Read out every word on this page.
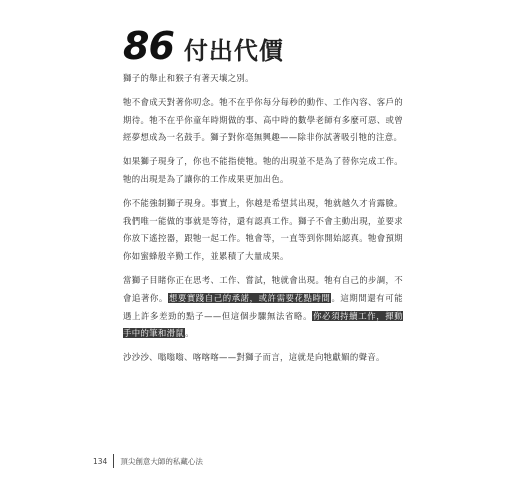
86 付出代價

獅子的舉止和猴子有著天壤之別。

牠不會成天對著你叨念。牠不在乎你每分每秒的動作、工作內容、客戶的期待。牠不在乎你童年時期做的事、高中時的數學老師有多麼可惡、或曾經夢想成為一名鼓手。獅子對你毫無興趣——除非你試著吸引牠的注意。

如果獅子現身了，你也不能指使牠。牠的出現並不是為了替你完成工作。牠的出現是為了讓你的工作成果更加出色。

你不能強制獅子現身。事實上，你越是希望其出現，牠就越久才肯露臉。我們唯一能做的事就是等待，還有認真工作。獅子不會主動出現，並要求你放下遙控器，跟牠一起工作。牠會等，一直等到你開始認真。牠會預期你如蜜蜂般辛勤工作，並累積了大量成果。

當獅子目睹你正在思考、工作、嘗試，牠就會出現。牠有自己的步調，不會追著你。想要實踐自己的承諾，或許需要花點時間。這期間還有可能遇上許多差勁的點子——但這個步驟無法省略。你必須持續工作，揮動手中的筆和滑鼠。

沙沙沙、嗡嗡嗡、喀喀喀——對獅子而言，這就是向牠獻媚的聲音。

134 頂尖創意大師的私藏心法
